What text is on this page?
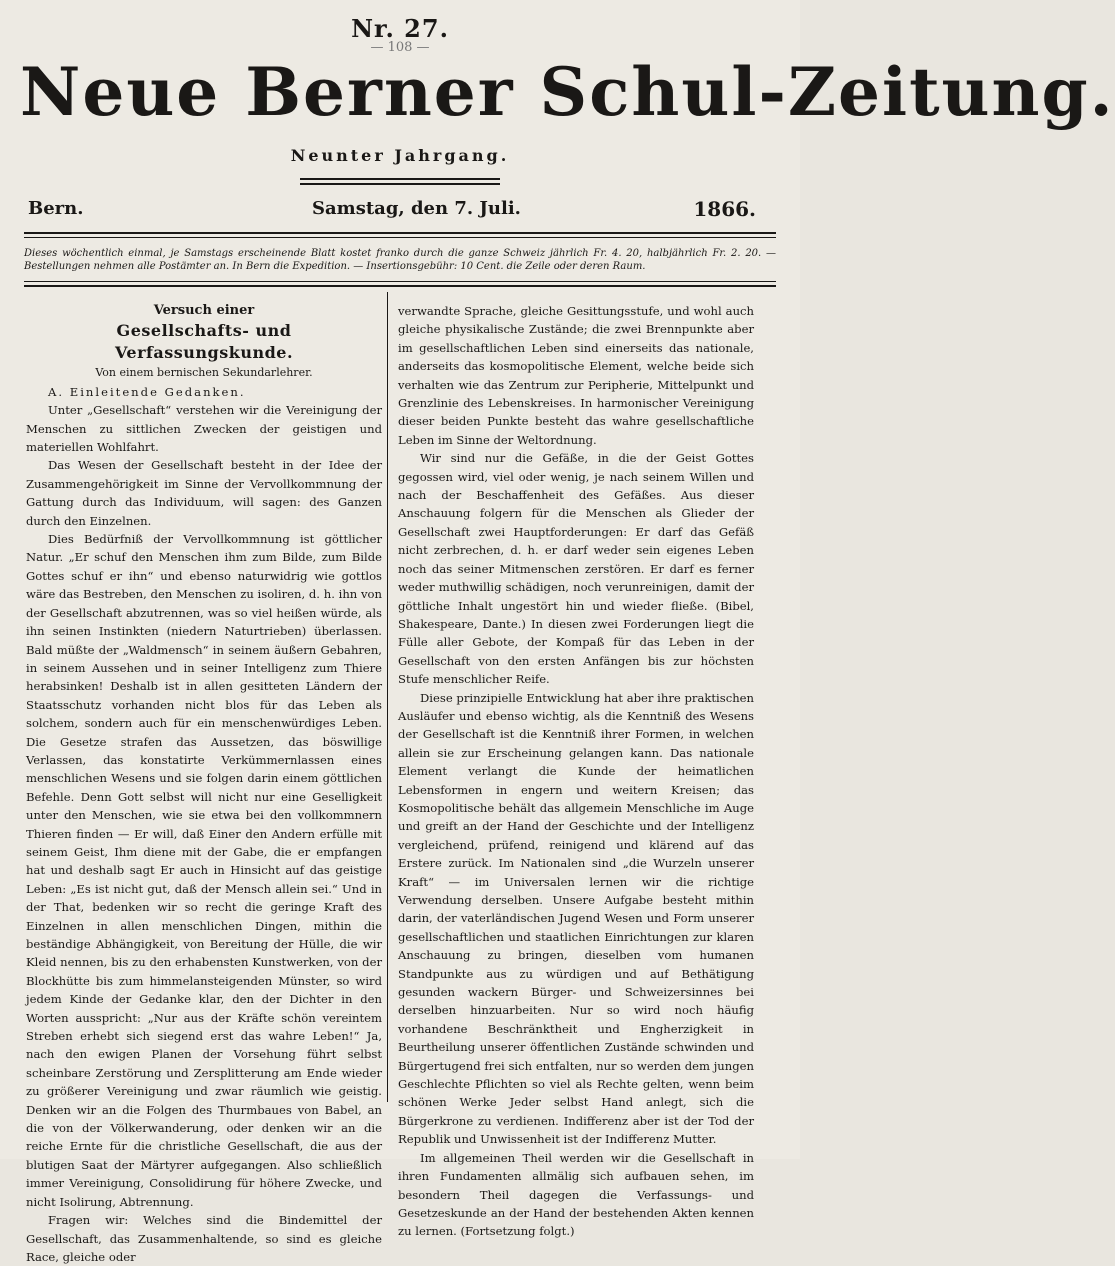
Nr. 27.
— 108 —
Neue Berner Schul-Zeitung.
Neunter Jahrgang.
Bern.	Samstag, den 7. Juli.	1866.
Dieses wöchentlich einmal, je Samstags erscheinende Blatt kostet franko durch die ganze Schweiz jährlich Fr. 4. 20, halbjährlich Fr. 2. 20. — Bestellungen nehmen alle Postämter an. In Bern die Expedition. — Insertionsgebühr: 10 Cent. die Zeile oder deren Raum.

Versuch einer

Gesellschafts- und Verfassungskunde.

Von einem bernischen Sekundarlehrer.

A. Einleitende Gedanken.

Unter „Gesellschaft“ verstehen wir die Vereinigung der Menschen zu sittlichen Zwecken der geistigen und materiellen Wohlfahrt.

Das Wesen der Gesellschaft besteht in der Idee der Zusammengehörigkeit im Sinne der Vervollkommnung der Gattung durch das Individuum, will sagen: des Ganzen durch den Einzelnen.

Dies Bedürfniß der Vervollkommnung ist göttlicher Natur. „Er schuf den Menschen ihm zum Bilde, zum Bilde Gottes schuf er ihn“ und ebenso naturwidrig wie gottlos wäre das Bestreben, den Menschen zu isoliren, d. h. ihn von der Gesellschaft abzutrennen, was so viel heißen würde, als ihn seinen Instinkten (niedern Naturtrieben) überlassen. Bald müßte der „Waldmensch“ in seinem äußern Gebahren, in seinem Aussehen und in seiner Intelligenz zum Thiere herabsinken! Deshalb ist in allen gesitteten Ländern der Staatsschutz vorhanden nicht blos für das Leben als solchem, sondern auch für ein menschenwürdiges Leben. Die Gesetze strafen das Aussetzen, das böswillige Verlassen, das konstatirte Verkümmernlassen eines menschlichen Wesens und sie folgen darin einem göttlichen Befehle. Denn Gott selbst will nicht nur eine Geselligkeit unter den Menschen, wie sie etwa bei den vollkommnern Thieren finden — Er will, daß Einer den Andern erfülle mit seinem Geist, Ihm diene mit der Gabe, die er empfangen hat und deshalb sagt Er auch in Hinsicht auf das geistige Leben: „Es ist nicht gut, daß der Mensch allein sei.“ Und in der That, bedenken wir so recht die geringe Kraft des Einzelnen in allen menschlichen Dingen, mithin die beständige Abhängigkeit, von Bereitung der Hülle, die wir Kleid nennen, bis zu den erhabensten Kunstwerken, von der Blockhütte bis zum himmelansteigenden Münster, so wird jedem Kinde der Gedanke klar, den der Dichter in den Worten ausspricht: „Nur aus der Kräfte schön vereintem Streben erhebt sich siegend erst das wahre Leben!“ Ja, nach den ewigen Planen der Vorsehung führt selbst scheinbare Zerstörung und Zersplitterung am Ende wieder zu größerer Vereinigung und zwar räumlich wie geistig. Denken wir an die Folgen des Thurmbaues von Babel, an die von der Völkerwanderung, oder denken wir an die reiche Ernte für die christliche Gesellschaft, die aus der blutigen Saat der Märtyrer aufgegangen. Also schließlich immer Vereinigung, Consolidirung für höhere Zwecke, und nicht Isolirung, Abtrennung.

Fragen wir: Welches sind die Bindemittel der Gesellschaft, das Zusammenhaltende, so sind es gleiche Race, gleiche oder

verwandte Sprache, gleiche Gesittungsstufe, und wohl auch gleiche physikalische Zustände; die zwei Brennpunkte aber im gesellschaftlichen Leben sind einerseits das nationale, anderseits das kosmopolitische Element, welche beide sich verhalten wie das Zentrum zur Peripherie, Mittelpunkt und Grenzlinie des Lebenskreises. In harmonischer Vereinigung dieser beiden Punkte besteht das wahre gesellschaftliche Leben im Sinne der Weltordnung.

Wir sind nur die Gefäße, in die der Geist Gottes gegossen wird, viel oder wenig, je nach seinem Willen und nach der Beschaffenheit des Gefäßes. Aus dieser Anschauung folgern für die Menschen als Glieder der Gesellschaft zwei Hauptforderungen: Er darf das Gefäß nicht zerbrechen, d. h. er darf weder sein eigenes Leben noch das seiner Mitmenschen zerstören. Er darf es ferner weder muthwillig schädigen, noch verunreinigen, damit der göttliche Inhalt ungestört hin und wieder fließe. (Bibel, Shakespeare, Dante.) In diesen zwei Forderungen liegt die Fülle aller Gebote, der Kompaß für das Leben in der Gesellschaft von den ersten Anfängen bis zur höchsten Stufe menschlicher Reife.

Diese prinzipielle Entwicklung hat aber ihre praktischen Ausläufer und ebenso wichtig, als die Kenntniß des Wesens der Gesellschaft ist die Kenntniß ihrer Formen, in welchen allein sie zur Erscheinung gelangen kann. Das nationale Element verlangt die Kunde der heimatlichen Lebensformen in engern und weitern Kreisen; das Kosmopolitische behält das allgemein Menschliche im Auge und greift an der Hand der Geschichte und der Intelligenz vergleichend, prüfend, reinigend und klärend auf das Erstere zurück. Im Nationalen sind „die Wurzeln unserer Kraft“ — im Universalen lernen wir die richtige Verwendung derselben. Unsere Aufgabe besteht mithin darin, der vaterländischen Jugend Wesen und Form unserer gesellschaftlichen und staatlichen Einrichtungen zur klaren Anschauung zu bringen, dieselben vom humanen Standpunkte aus zu würdigen und auf Bethätigung gesunden wackern Bürger- und Schweizersinnes bei derselben hinzuarbeiten. Nur so wird noch häufig vorhandene Beschränktheit und Engherzigkeit in Beurtheilung unserer öffentlichen Zustände schwinden und Bürgertugend frei sich entfalten, nur so werden dem jungen Geschlechte Pflichten so viel als Rechte gelten, wenn beim schönen Werke Jeder selbst Hand anlegt, sich die Bürgerkrone zu verdienen. Indifferenz aber ist der Tod der Republik und Unwissenheit ist der Indifferenz Mutter.

Im allgemeinen Theil werden wir die Gesellschaft in ihren Fundamenten allmälig sich aufbauen sehen, im besondern Theil dagegen die Verfassungs- und Gesetzeskunde an der Hand der bestehenden Akten kennen zu lernen. (Fortsetzung folgt.)
